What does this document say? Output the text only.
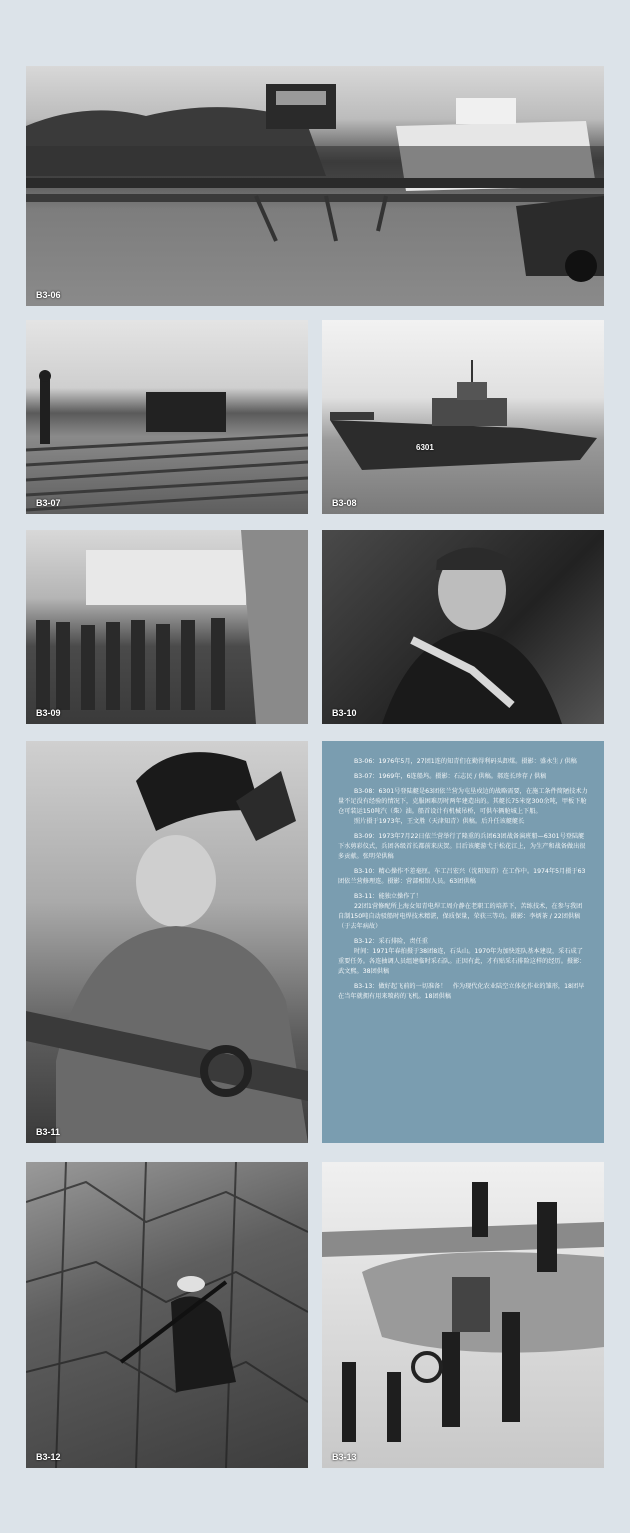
B3-06
B3-07
6301
B3-08
B3-09	B3-10
B3-11

B3-06：1976年5月，27团1连的知青们在勤得利码头卸煤。摄影：盛永生 / 供稿

B3-07：1969年，6连船坞。摄影：石志民 / 供稿。郝连长珍存 / 供稿

B3-08：6301号登陆艇是63团依兰营为屯垦戍边的战略需要，在施工条件简陋技术力量不足没有经验的情况下，克服困难历时两年建造出的。其艇长75米宽300余吨，甲板下舱仓可装运150吨汽（柴）油。船首设计有机械吊桥，可供车辆舱城上下船。

照片摄于1973年，王文胜（天津知青）供稿。后升任该艇艇长

B3-09：1973年7月22日依兰营举行了隆重的兵团63团战备演班船—6301号登陆艇下水剪彩仪式，兵团各级首长都前来庆贺。目后该艇游弋于松花江上，为生产和战备做出很多贡献。张明荣供稿

B3-10：精心操作不差毫厘。车工吕宏兴（沈阳知青）在工作中。1974年5月摄于63团依兰营修理连。摄影：营部相馆人员。63团供稿

B3-11：能独立操作了！

22团1营修配所上海女知青电焊工周介静在老职工的培养下，苦练技术，在参与我团自制150吨自动驳船时电焊技术精湛，保质保量，荣获三等功。摄影：李炳茶 / 22团供稿（于去年病故）

B3-12：采石排险，责任重

时间：1971年春拍摄于38团8连，石头山。1970年为加快连队基本建设，采石成了重要任务。各连抽调人员组建临时采石队。正因有此，才有贴采石排险这样的经历。摄影：武文熙。38团供稿

B3-13：做好起飞前的一切准备！　作为现代化农业陆空立体化作业的雏形，18团早在当年就拥有用来喷药的飞机。18团供稿

B3-12	B3-13
